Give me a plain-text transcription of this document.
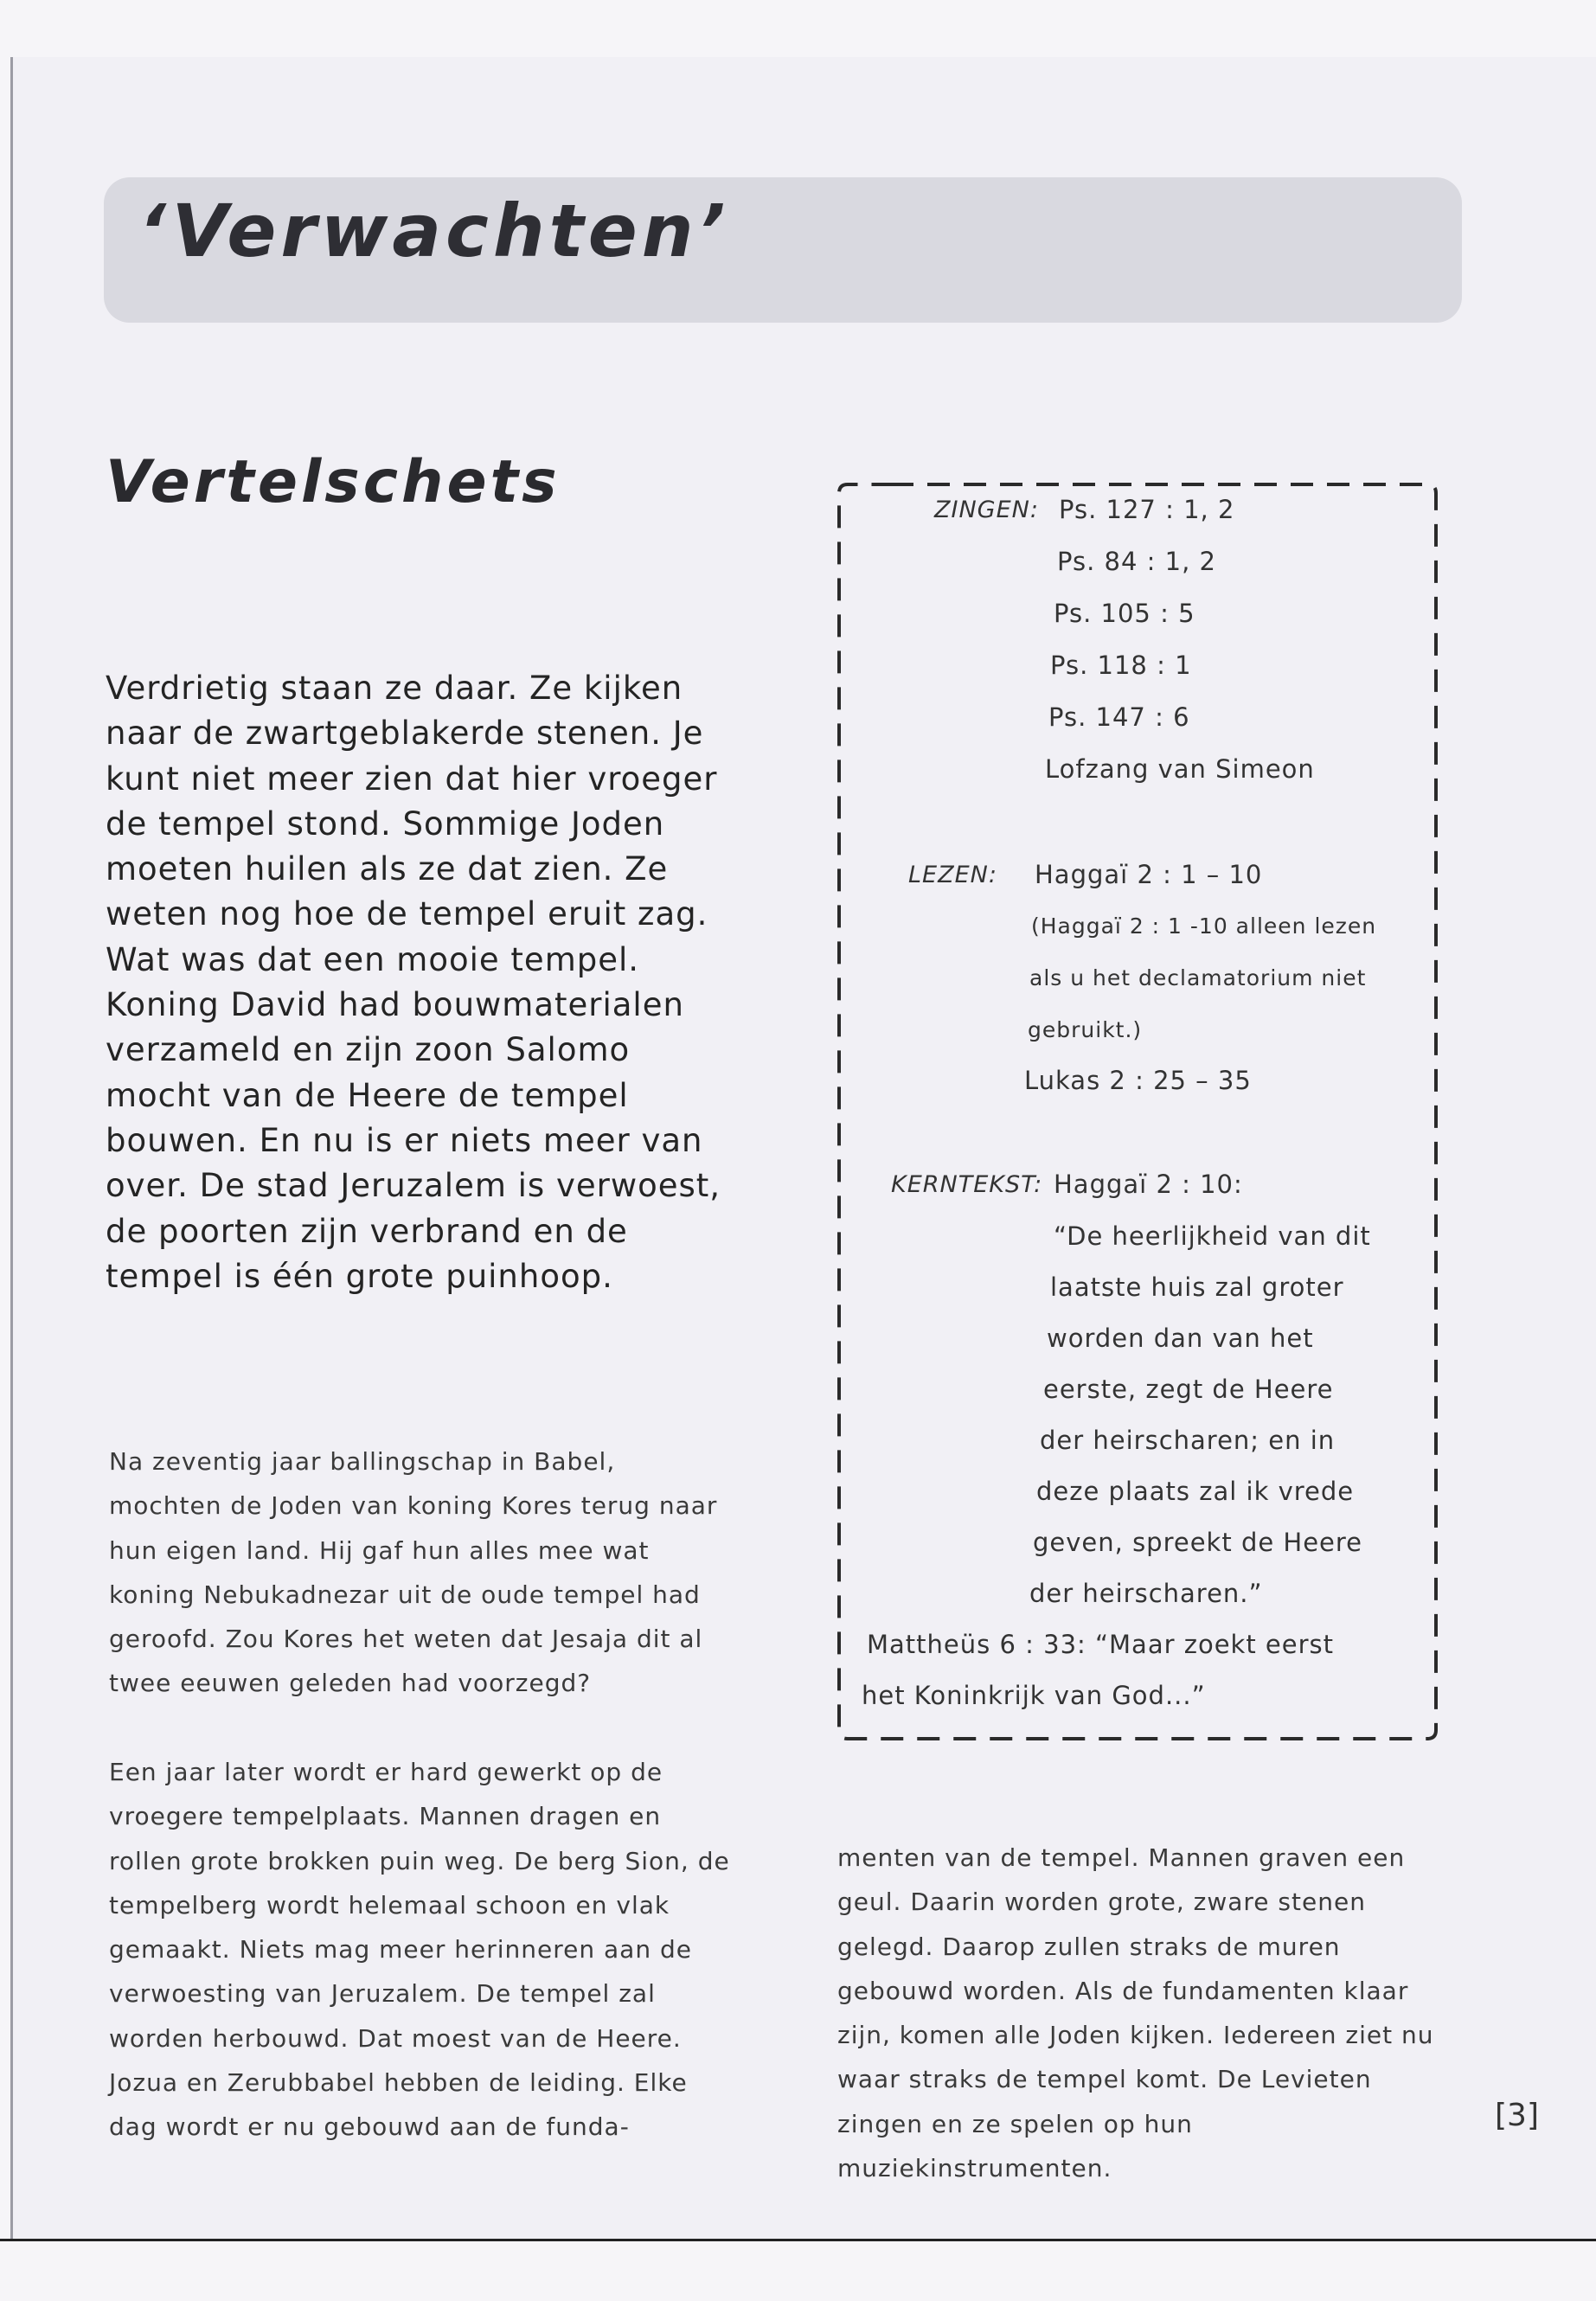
‘Verwachten’
Vertelschets

Verdrietig staan ze daar. Ze kijken naar de zwartgeblakerde stenen. Je kunt niet meer zien dat hier vroeger de tempel stond. Sommige Joden moeten huilen als ze dat zien. Ze weten nog hoe de tempel eruit zag. Wat was dat een mooie tempel. Koning David had bouwmaterialen verzameld en zijn zoon Salomo mocht van de Heere de tempel bouwen. En nu is er niets meer van over. De stad Jeruzalem is verwoest, de poorten zijn verbrand en de tempel is één grote puinhoop.

Na zeventig jaar ballingschap in Babel, mochten de Joden van koning Kores terug naar hun eigen land. Hij gaf hun alles mee wat koning Nebukadnezar uit de oude tempel had geroofd. Zou Kores het weten dat Jesaja dit al twee eeuwen geleden had voorzegd?

Een jaar later wordt er hard gewerkt op de vroegere tempelplaats. Mannen dragen en rollen grote brokken puin weg. De berg Sion, de tempelberg wordt helemaal schoon en vlak gemaakt. Niets mag meer herinneren aan de verwoesting van Jeruzalem. De tempel zal worden herbouwd. Dat moest van de Heere. Jozua en Zerubbabel hebben de leiding. Elke dag wordt er nu gebouwd aan de funda-

menten van de tempel. Mannen graven een geul. Daarin worden grote, zware stenen gelegd. Daarop zullen straks de muren gebouwd worden. Als de fundamenten klaar zijn, komen alle Joden kijken. Iedereen ziet nu waar straks de tempel komt. De Levieten zingen en ze spelen op hun muziekinstrumenten.

ZINGEN: Ps. 127 : 1, 2
Ps. 84 : 1, 2
Ps. 105 : 5
Ps. 118 : 1
Ps. 147 : 6
Lofzang van Simeon
LEZEN: Haggaï 2 : 1 – 10
(Haggaï 2 : 1 -10 alleen lezen
als u het declamatorium niet
gebruikt.)
Lukas 2 : 25 – 35
KERNTEKST: Haggaï 2 : 10:
“De heerlijkheid van dit
laatste huis zal groter
worden dan van het
eerste, zegt de Heere
der heirscharen; en in
deze plaats zal ik vrede
geven, spreekt de Heere
der heirscharen.”
Mattheüs 6 : 33: “Maar zoekt eerst
het Koninkrijk van God...”
[3]
